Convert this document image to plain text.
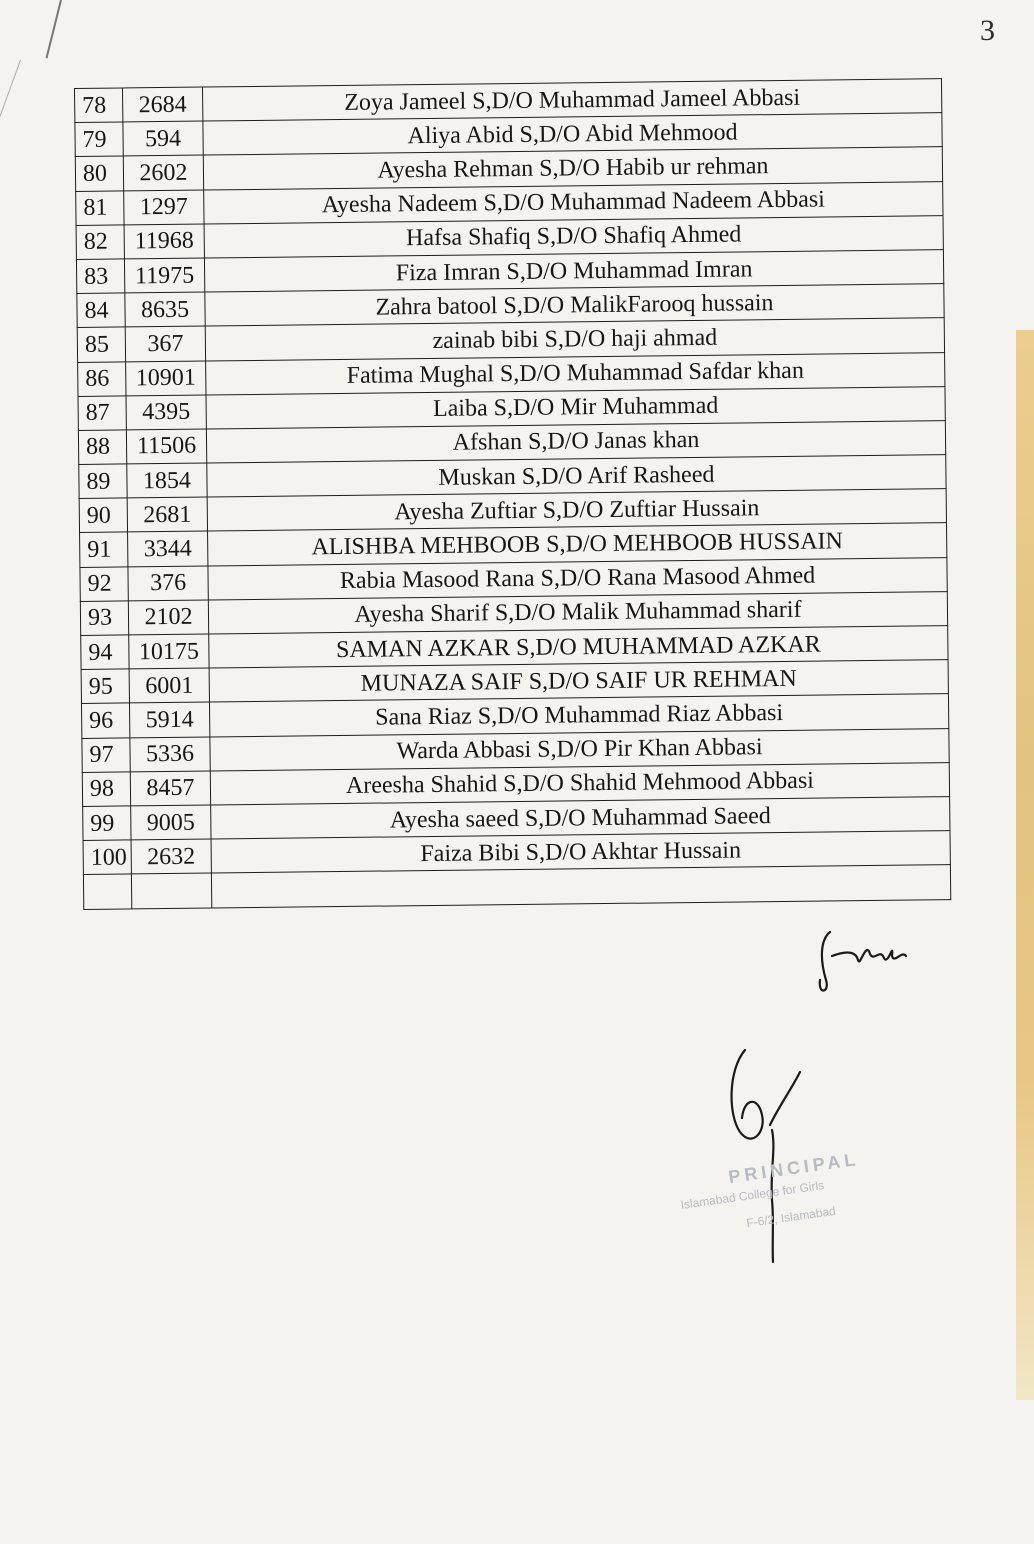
3
78	2684	Zoya Jameel S,D/O Muhammad Jameel Abbasi
79	594	Aliya Abid S,D/O Abid Mehmood
80	2602	Ayesha Rehman S,D/O Habib ur rehman
81	1297	Ayesha Nadeem S,D/O Muhammad Nadeem Abbasi
82	11968	Hafsa Shafiq S,D/O Shafiq Ahmed
83	11975	Fiza Imran S,D/O Muhammad Imran
84	8635	Zahra batool S,D/O MalikFarooq hussain
85	367	zainab bibi S,D/O haji ahmad
86	10901	Fatima Mughal S,D/O Muhammad Safdar khan
87	4395	Laiba S,D/O Mir Muhammad
88	11506	Afshan S,D/O Janas khan
89	1854	Muskan S,D/O Arif Rasheed
90	2681	Ayesha Zuftiar S,D/O Zuftiar Hussain
91	3344	ALISHBA MEHBOOB S,D/O MEHBOOB HUSSAIN
92	376	Rabia Masood Rana S,D/O Rana Masood Ahmed
93	2102	Ayesha Sharif S,D/O Malik Muhammad sharif
94	10175	SAMAN AZKAR S,D/O MUHAMMAD AZKAR
95	6001	MUNAZA SAIF S,D/O SAIF UR REHMAN
96	5914	Sana Riaz S,D/O Muhammad Riaz Abbasi
97	5336	Warda Abbasi S,D/O Pir Khan Abbasi
98	8457	Areesha Shahid S,D/O Shahid Mehmood Abbasi
99	9005	Ayesha saeed S,D/O Muhammad Saeed
100	2632	Faiza Bibi S,D/O Akhtar Hussain

PRINCIPAL
Islamabad College for Girls
F-6/2, Islamabad
